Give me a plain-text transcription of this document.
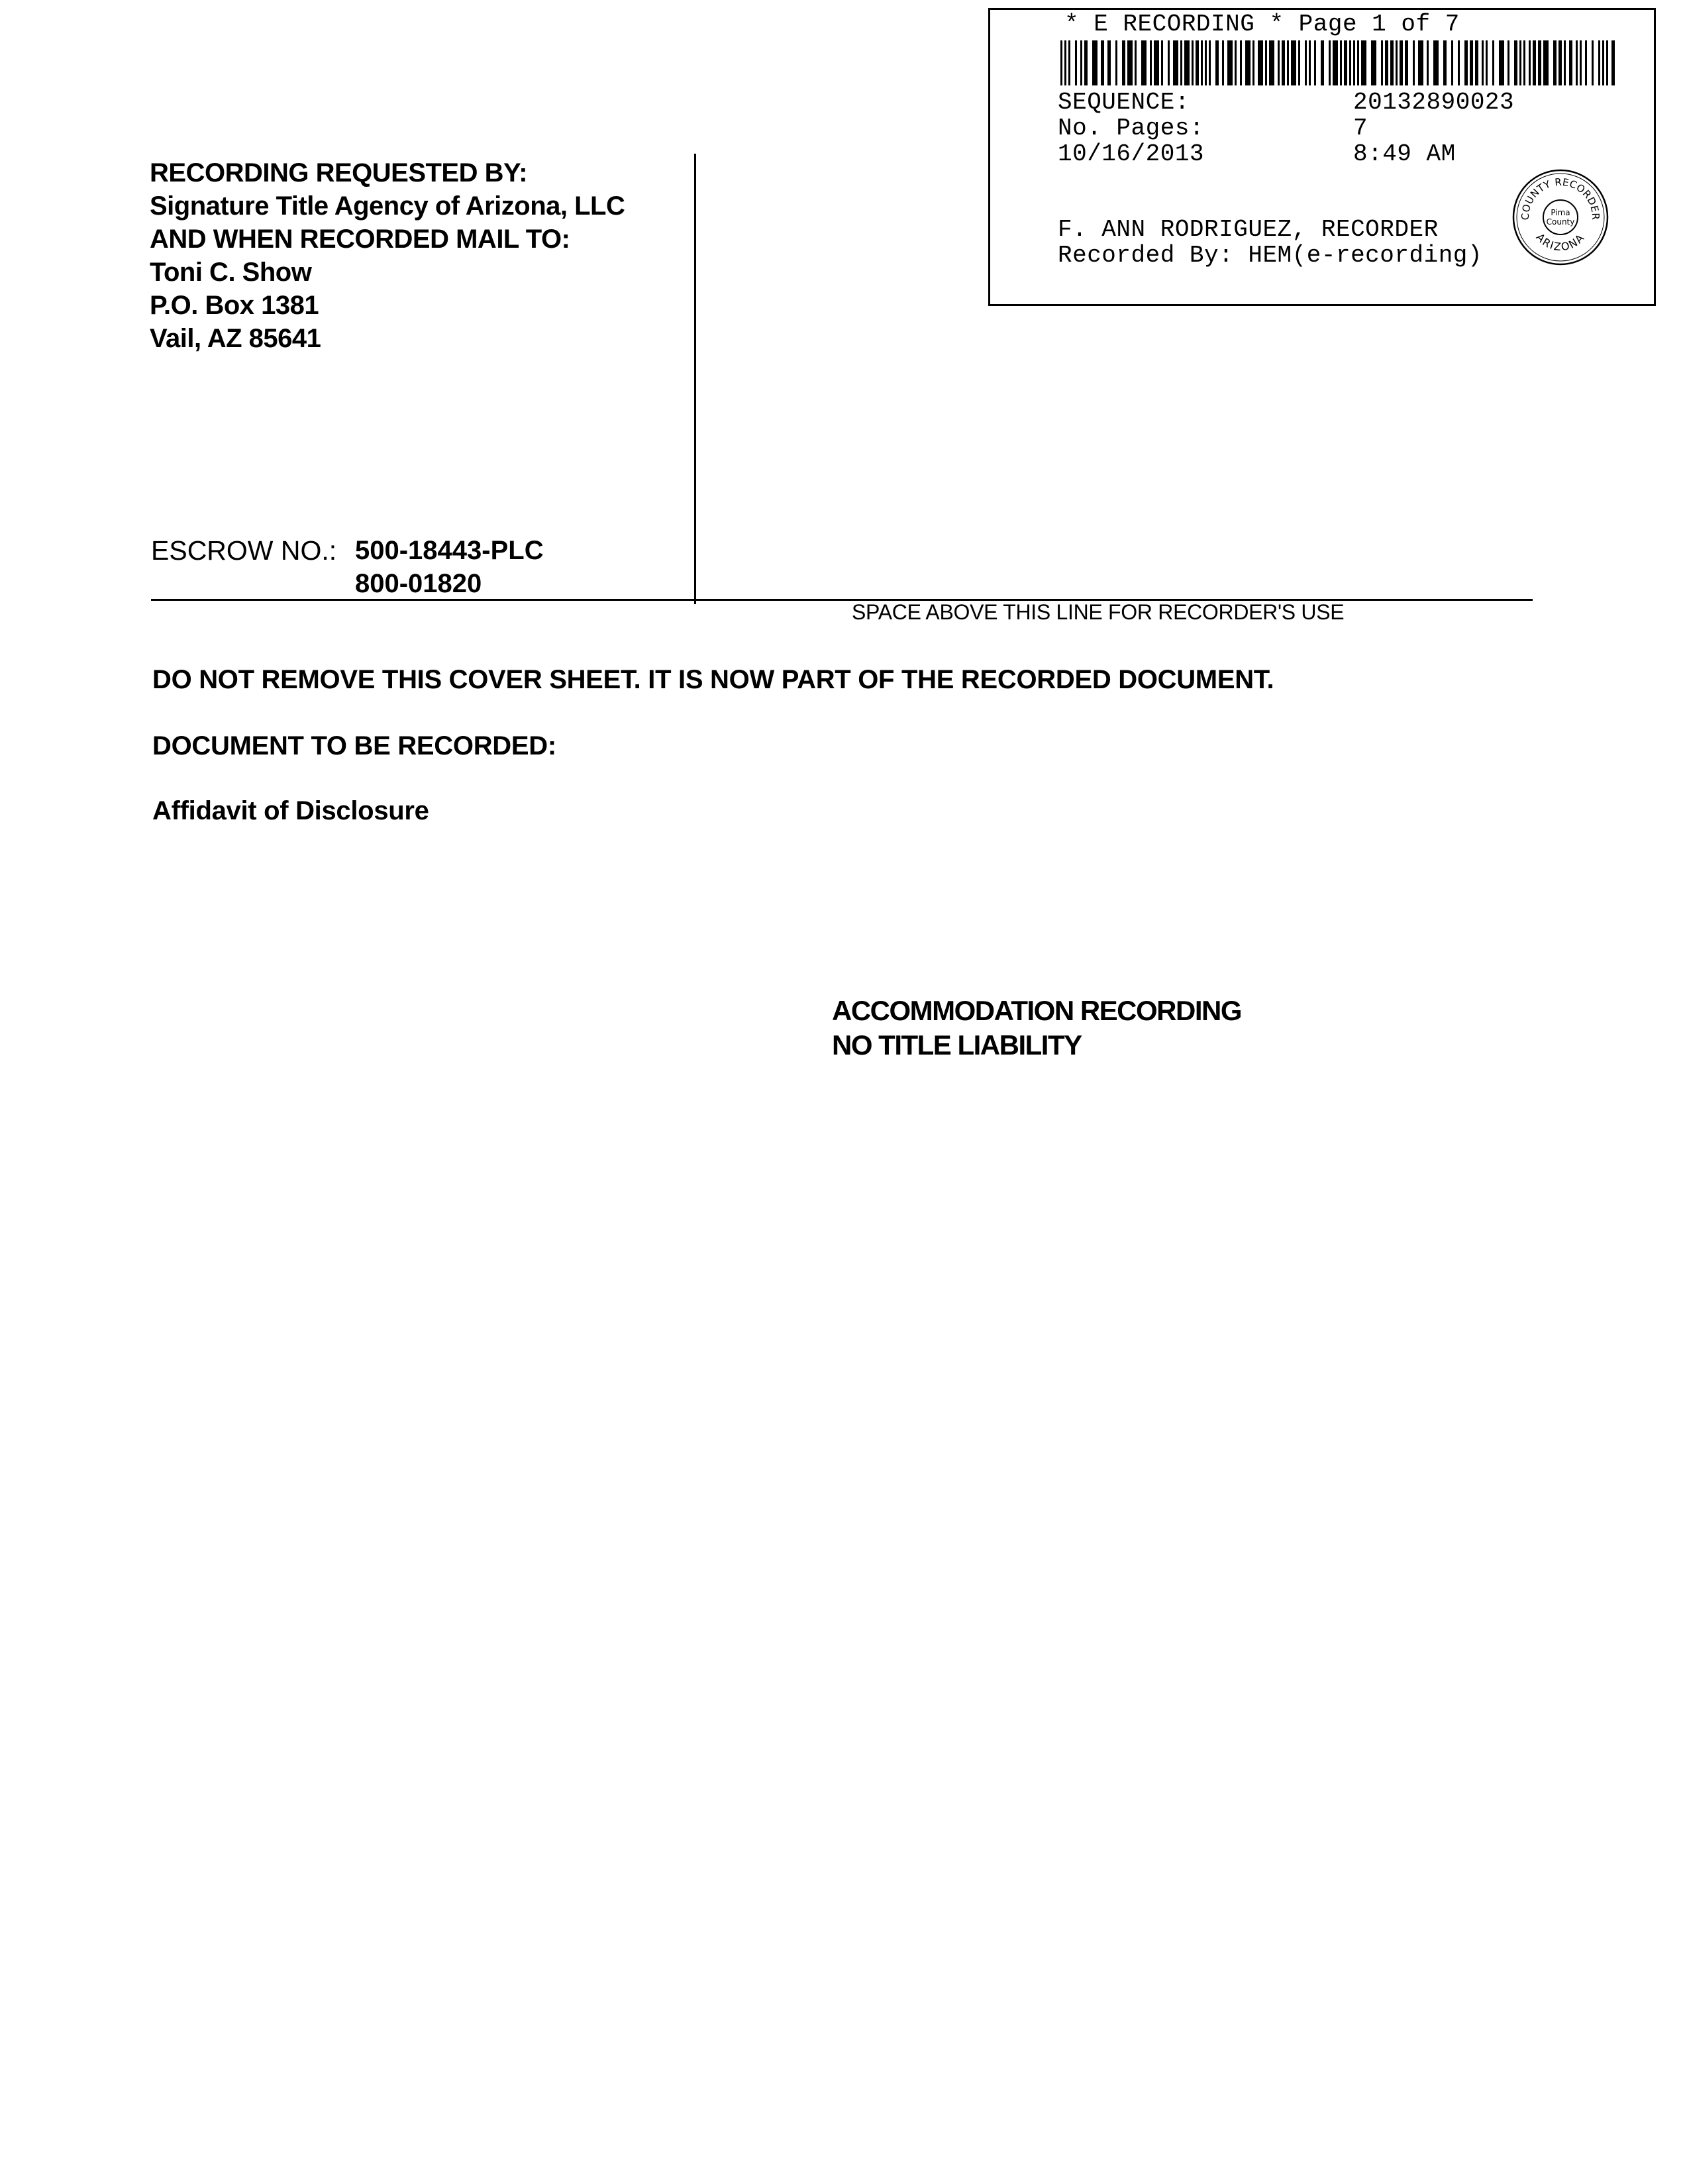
* E RECORDING * Page 1 of 7
SEQUENCE:	20132890023
No. Pages:	7
10/16/2013	8:49 AM
F. ANN RODRIGUEZ, RECORDER
Recorded By: HEM(e-recording)
COUNTY RECORDER
ARIZONA
Pima
County
RECORDING REQUESTED BY:
Signature Title Agency of Arizona, LLC
AND WHEN RECORDED MAIL TO:
Toni C. Show
P.O. Box 1381
Vail, AZ 85641
ESCROW NO.: 500-18443-PLC
800-01820
SPACE ABOVE THIS LINE FOR RECORDER'S USE
DO NOT REMOVE THIS COVER SHEET. IT IS NOW PART OF THE RECORDED DOCUMENT.
DOCUMENT TO BE RECORDED:
Affidavit of Disclosure
ACCOMMODATION RECORDING
NO TITLE LIABILITY
